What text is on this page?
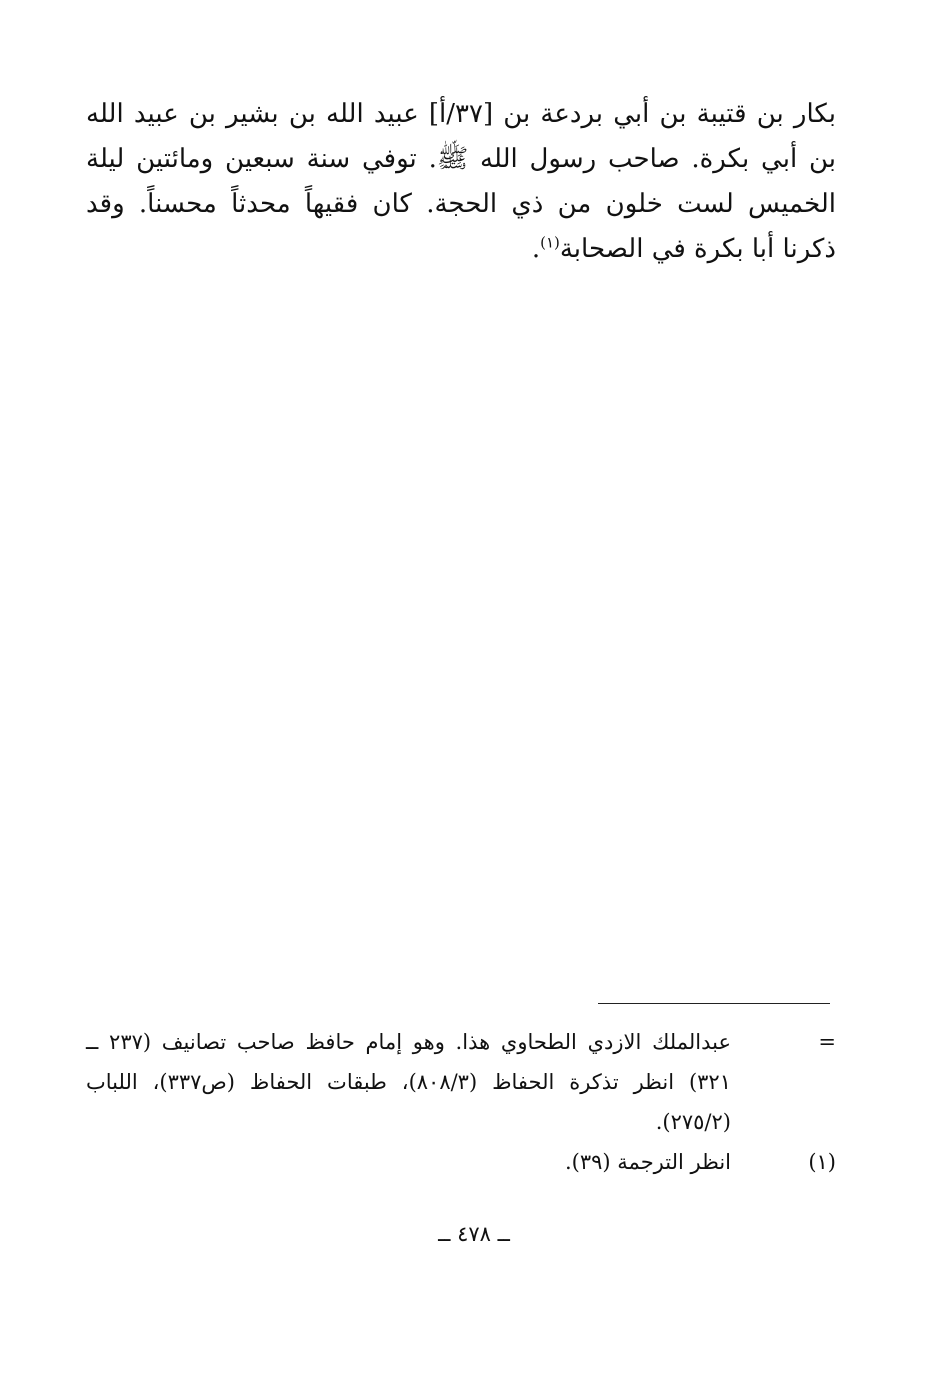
بكار بن قتيبة بن أبي بردعة بن [٣٧/أ] عبيد الله بن بشير بن عبيد الله بن أبي بكرة. صاحب رسول الله ﷺ. توفي سنة سبعين ومائتين ليلة الخميس لست خلون من ذي الحجة. كان فقيهاً محدثاً محسناً. وقد ذكرنا أبا بكرة في الصحابة$^{(١)}$.

=
عبدالملك الازدي الطحاوي هذا. وهو إمام حافظ صاحب تصانيف (٢٣٧ ــ ٣٢١) انظر تذكرة الحفاظ (٨٠٨/٣)، طبقات الحفاظ (ص٣٣٧)، اللباب (٢٧٥/٢).
(١)
انظر الترجمة (٣٩).
ــ ٤٧٨ ــ
